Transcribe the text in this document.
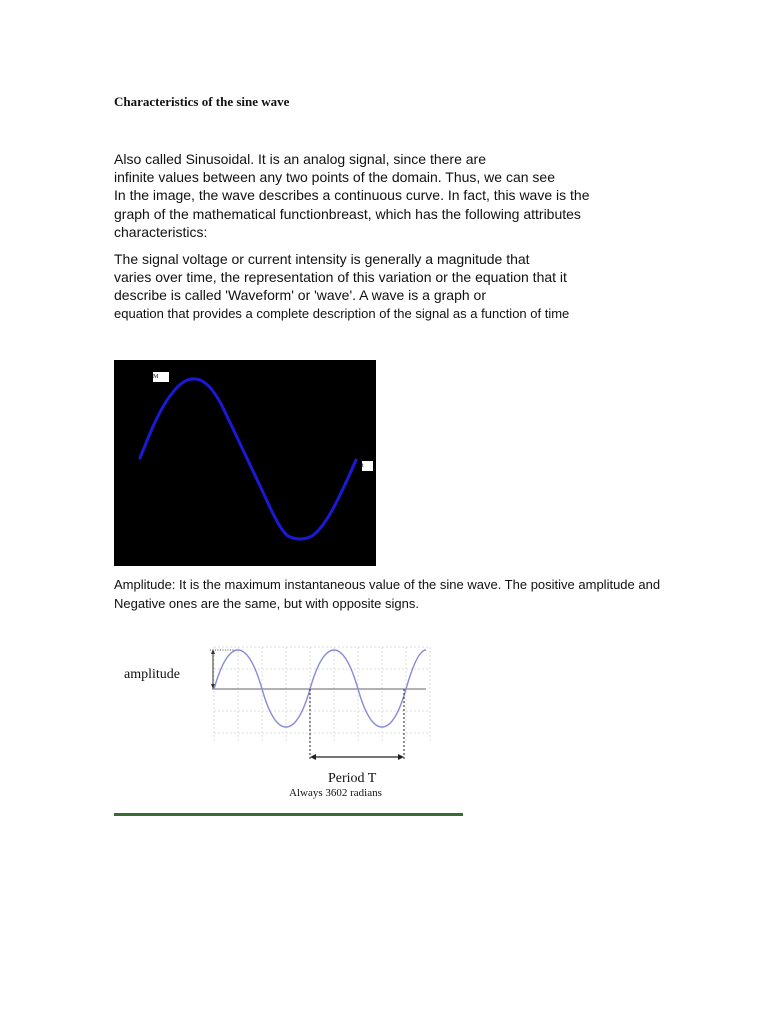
Characteristics of the sine wave
Also called Sinusoidal. It is an analog signal, since there are
infinite values between any two points of the domain. Thus, we can see
In the image, the wave describes a continuous curve. In fact, this wave is the
graph of the mathematical functionbreast, which has the following attributes
characteristics:
The signal voltage or current intensity is generally a magnitude that
varies over time, the representation of this variation or the equation that it
describe is called 'Waveform' or 'wave'. A wave is a graph or
equation that provides a complete description of the signal as a function of time
M
t
Amplitude: It is the maximum instantaneous value of the sine wave. The positive amplitude and
Negative ones are the same, but with opposite signs.
amplitude
Period T
Always 3602 radians
